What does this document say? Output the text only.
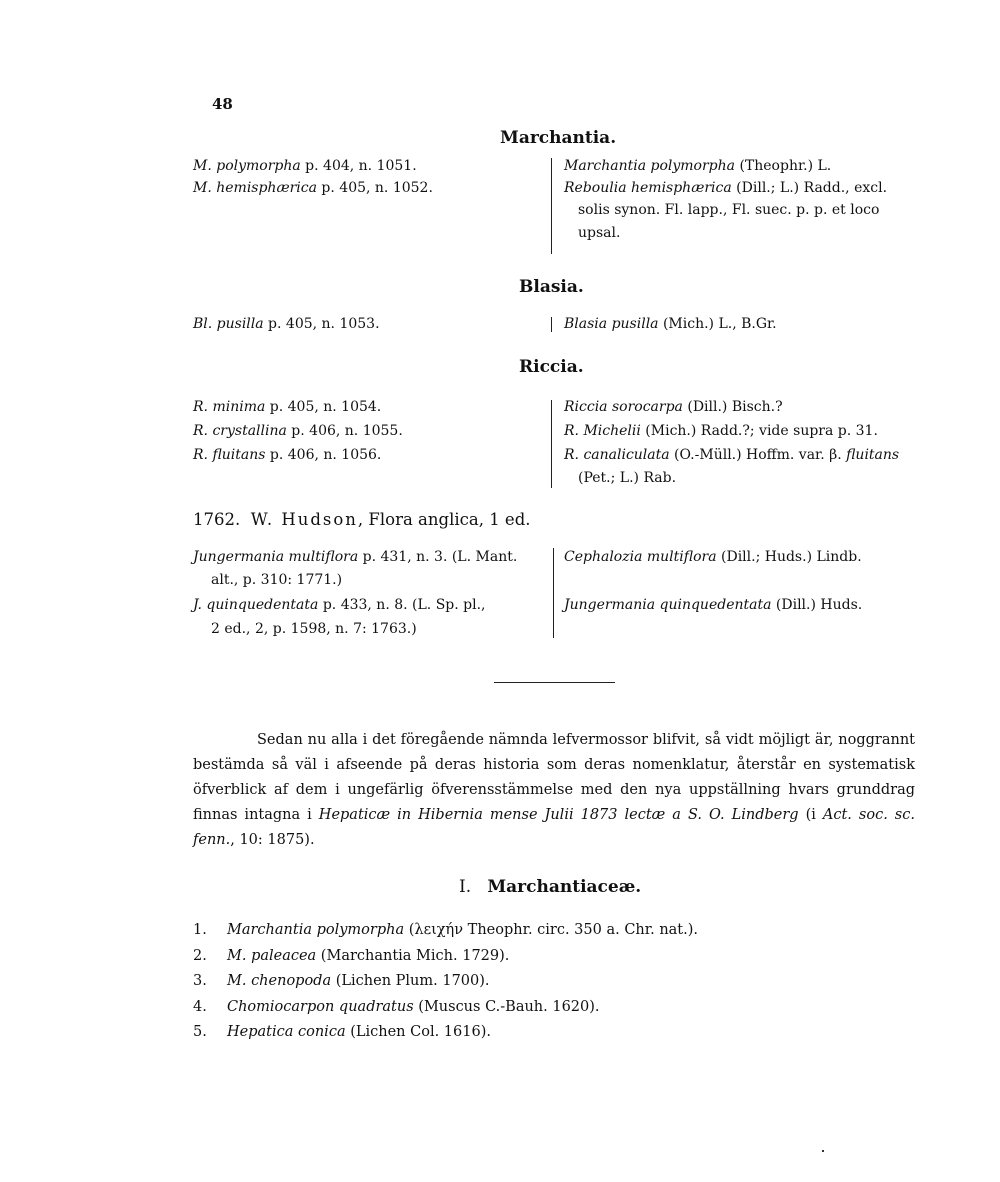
48
Marchantia.
M. polymorpha p. 404, n. 1051.
M. hemisphærica p. 405, n. 1052.
Marchantia polymorpha (Theophr.) L.
Reboulia hemisphærica (Dill.; L.) Radd., excl.
solis synon. Fl. lapp., Fl. suec. p. p. et loco
upsal.
Blasia.
Bl. pusilla p. 405, n. 1053.	Blasia pusilla (Mich.) L., B.Gr.
Riccia.
R. minima p. 405, n. 1054.
R. crystallina p. 406, n. 1055.
R. fluitans p. 406, n. 1056.
Riccia sorocarpa (Dill.) Bisch.?
R. Michelii (Mich.) Radd.?; vide supra p. 31.
R. canaliculata (O.-Müll.) Hoffm. var. β. fluitans
(Pet.; L.) Rab.
1762. W. Hudson, Flora anglica, 1 ed.
Jungermania multiflora p. 431, n. 3. (L. Mant.
alt., p. 310: 1771.)
J. quinquedentata p. 433, n. 8. (L. Sp. pl.,
2 ed., 2, p. 1598, n. 7: 1763.)
Cephalozia multiflora (Dill.; Huds.) Lindb.
Jungermania quinquedentata (Dill.) Huds.
Sedan nu alla i det föregående nämnda lefvermossor blifvit, så vidt möjligt är, noggrannt bestämda så väl i afseende på deras historia som deras nomenklatur, återstår en systematisk öfverblick af dem i ungefärlig öfverensstämmelse med den nya uppställning hvars grunddrag finnas intagna i Hepaticæ in Hibernia mense Julii 1873 lectæ a S. O. Lindberg (i Act. soc. sc. fenn., 10: 1875).
I. Marchantiaceæ.
1. Marchantia polymorpha (λειχήν Theophr. circ. 350 a. Chr. nat.).
2. M. paleacea (Marchantia Mich. 1729).
3. M. chenopoda (Lichen Plum. 1700).
4. Chomiocarpon quadratus (Muscus C.-Bauh. 1620).
5. Hepatica conica (Lichen Col. 1616).
